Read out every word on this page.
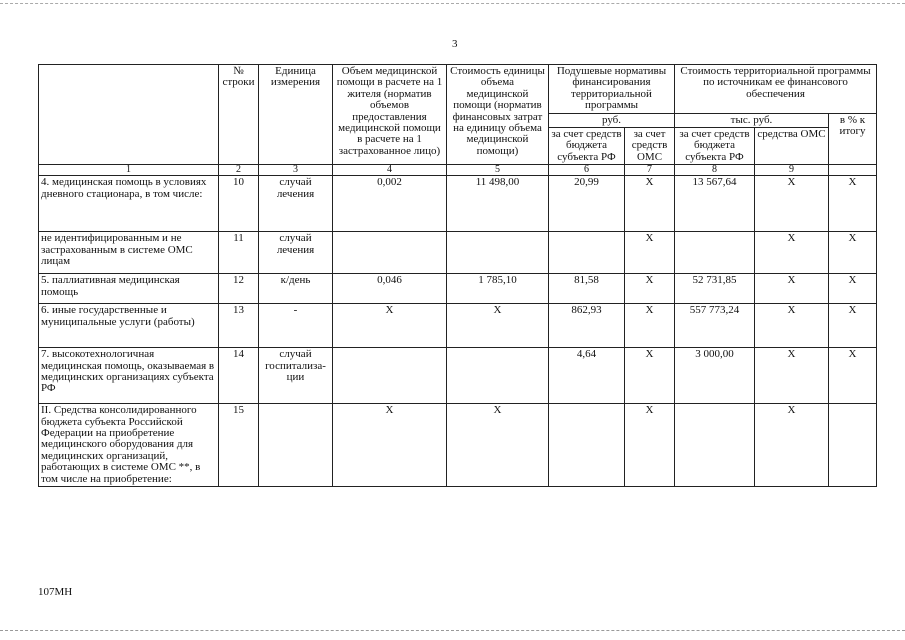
3
	№ строки	Единица измерения	Объем медицинской помощи в расчете на 1 жителя (норматив объемов предоставления медицинской помощи в расчете на 1 застрахованное лицо)	Стоимость единицы объема медицинской помощи (норматив финансовых затрат на единицу объема медицинской помощи)	Подушевые нормативы финансирования территориальной программы		Стоимость территориальной программы по источникам ее финансового обеспечения		
					руб.		тыс. руб.		в % к итогу
					за счет средств бюджета субъекта РФ	за счет средств ОМС	за счет средств бюджета субъекта РФ	средства ОМС	
1	2	3	4	5	6	7	8	9	
4. медицинская помощь в условиях дневного стационара, в том числе:	10	случай лечения	0,002	11 498,00	20,99	X	13 567,64	X	X
не идентифицированным и не застрахованным в системе ОМС лицам	11	случай лечения				X		X	X
5. паллиативная медицинская помощь	12	к/день	0,046	1 785,10	81,58	X	52 731,85	X	X
6. иные государственные и муниципальные услуги (работы)	13	-	X	X	862,93	X	557 773,24	X	X
7. высокотехнологичная медицинская помощь, оказываемая в медицинских организациях субъекта РФ	14	случай госпитализа-ции			4,64	X	3 000,00	X	X
II. Средства консолидированного бюджета субъекта Российской Федерации на приобретение медицинского оборудования для медицинских организаций, работающих в системе ОМС **, в том числе на приобретение:	15		X	X		X		X	
107МН
